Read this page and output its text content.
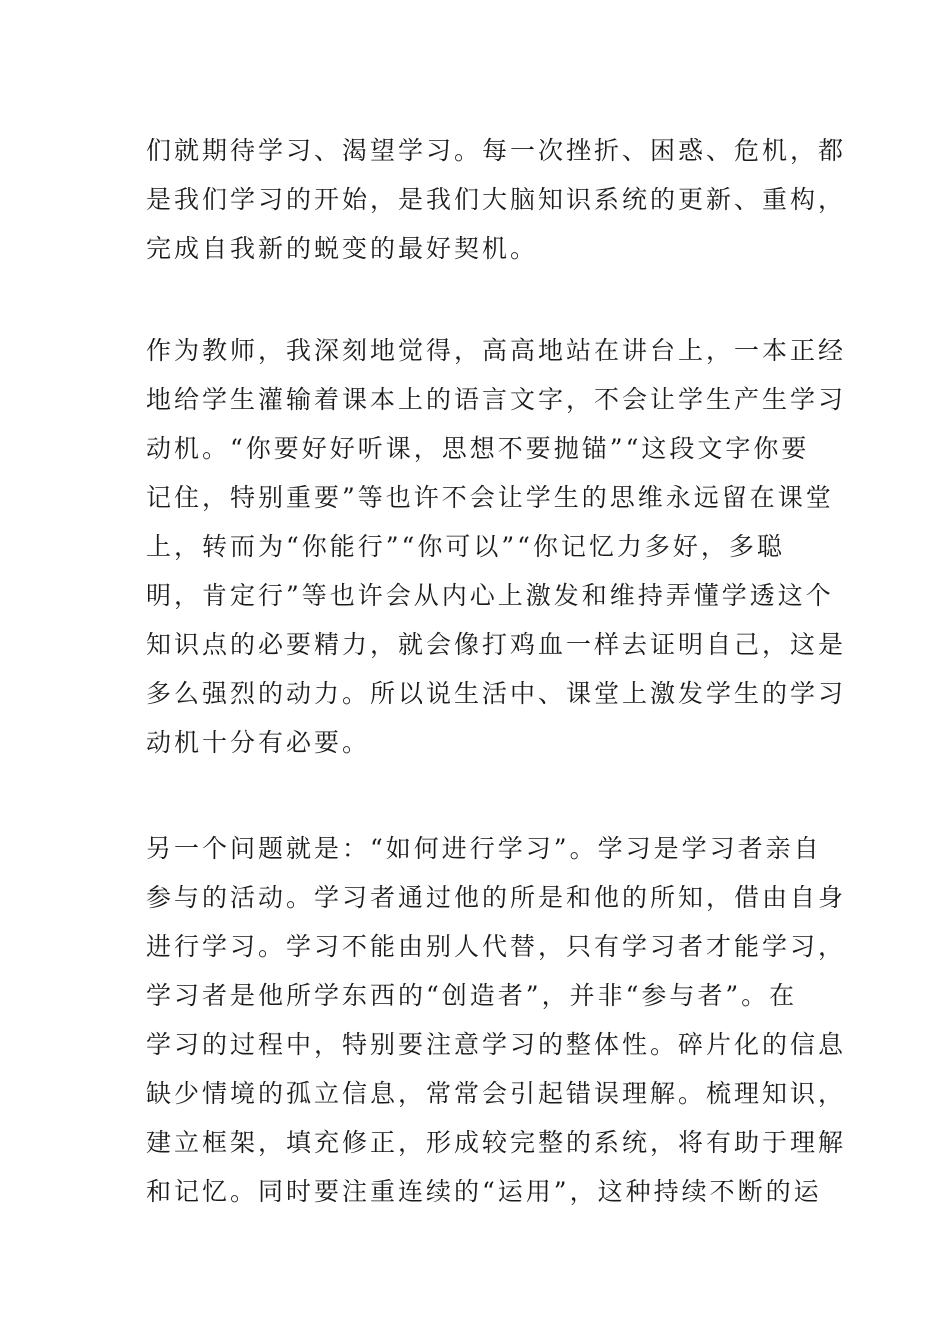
们就期待学习、渴望学习。每一次挫折、困惑、危机，都
是我们学习的开始，是我们大脑知识系统的更新、重构，
完成自我新的蜕变的最好契机。
作为教师，我深刻地觉得，高高地站在讲台上，一本正经
地给学生灌输着课本上的语言文字，不会让学生产生学习
动机。“你要好好听课，思想不要抛锚”“这段文字你要
记住，特别重要”等也许不会让学生的思维永远留在课堂
上，转而为“你能行”“你可以”“你记忆力多好，多聪
明，肯定行”等也许会从内心上激发和维持弄懂学透这个
知识点的必要精力，就会像打鸡血一样去证明自己，这是
多么强烈的动力。所以说生活中、课堂上激发学生的学习
动机十分有必要。
另一个问题就是：“如何进行学习”。学习是学习者亲自
参与的活动。学习者通过他的所是和他的所知，借由自身
进行学习。学习不能由别人代替，只有学习者才能学习，
学习者是他所学东西的“创造者”，并非“参与者”。在
学习的过程中，特别要注意学习的整体性。碎片化的信息
缺少情境的孤立信息，常常会引起错误理解。梳理知识，
建立框架，填充修正，形成较完整的系统，将有助于理解
和记忆。同时要注重连续的“运用”，这种持续不断的运
